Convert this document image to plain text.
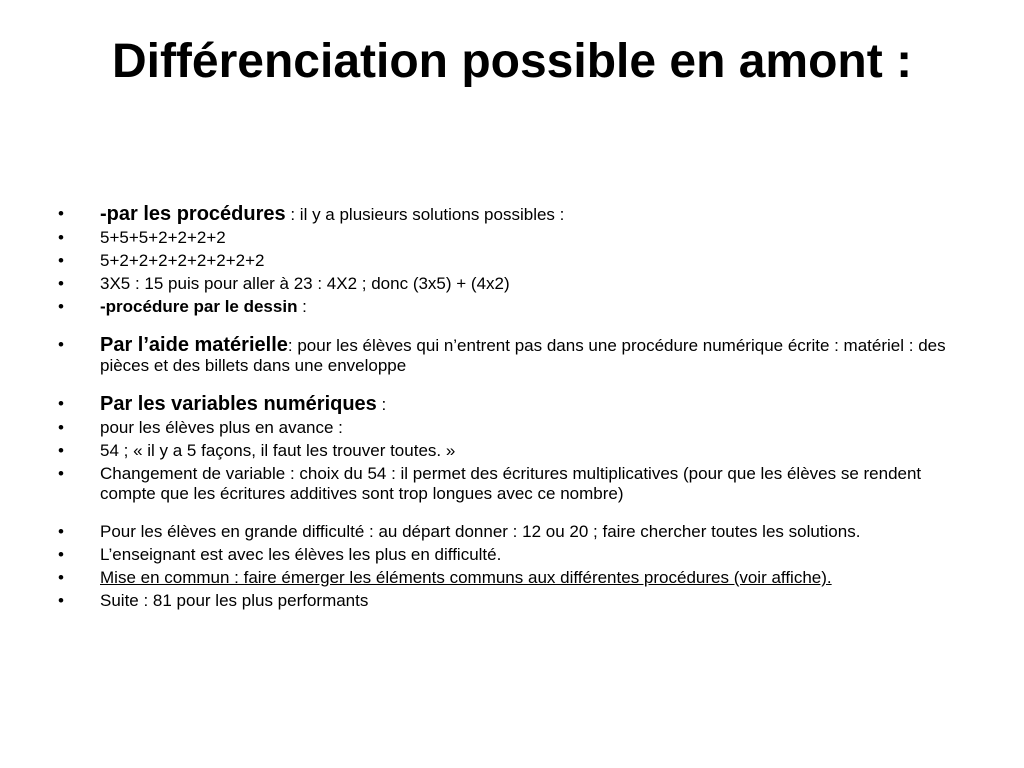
Différenciation possible en amont :
•	-par les procédures : il y a plusieurs solutions possibles :
•	5+5+5+2+2+2+2
•	5+2+2+2+2+2+2+2+2
•	3X5 : 15 puis pour aller à 23 : 4X2 ; donc (3x5) + (4x2)
•	-procédure par le dessin :
•	Par l’aide matérielle: pour les élèves qui n’entrent pas dans une procédure numérique écrite : matériel : des pièces et des billets dans une enveloppe
•	Par les variables numériques :
•	pour les élèves plus en avance :
•	54 ; « il y a 5 façons, il faut les trouver toutes. »
•	Changement de variable : choix du 54 : il permet des écritures multiplicatives (pour que les élèves se rendent compte que les écritures additives sont trop longues avec ce nombre)
•	Pour les élèves en grande difficulté : au départ donner : 12 ou 20 ; faire chercher toutes les solutions.
•	L’enseignant est avec les élèves les plus en difficulté.
•	Mise en commun : faire émerger les éléments communs aux différentes procédures (voir affiche).
•	Suite : 81 pour les plus performants
